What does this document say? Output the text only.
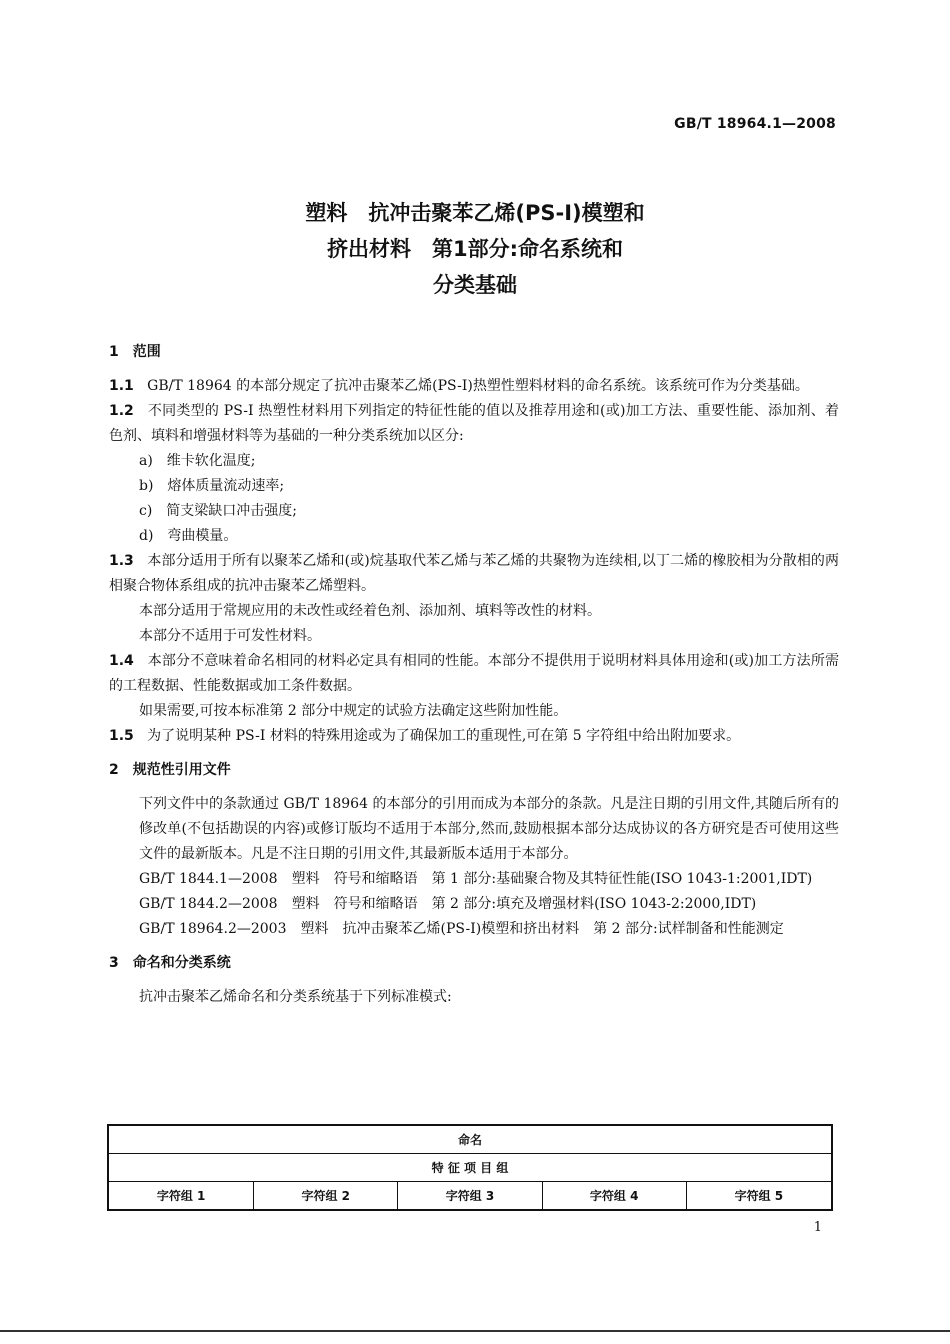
GB/T 18964.1—2008
塑料　抗冲击聚苯乙烯(PS-I)模塑和
挤出材料　第1部分:命名系统和
分类基础
1　范围
1.1 GB/T 18964 的本部分规定了抗冲击聚苯乙烯(PS-I)热塑性塑料材料的命名系统。该系统可作为分类基础。
1.2 不同类型的 PS-I 热塑性材料用下列指定的特征性能的值以及推荐用途和(或)加工方法、重要性能、添加剂、着色剂、填料和增强材料等为基础的一种分类系统加以区分:
a)　维卡软化温度;
b)　熔体质量流动速率;
c)　简支梁缺口冲击强度;
d)　弯曲模量。
1.3 本部分适用于所有以聚苯乙烯和(或)烷基取代苯乙烯与苯乙烯的共聚物为连续相,以丁二烯的橡胶相为分散相的两相聚合物体系组成的抗冲击聚苯乙烯塑料。
本部分适用于常规应用的未改性或经着色剂、添加剂、填料等改性的材料。
本部分不适用于可发性材料。
1.4 本部分不意味着命名相同的材料必定具有相同的性能。本部分不提供用于说明材料具体用途和(或)加工方法所需的工程数据、性能数据或加工条件数据。
如果需要,可按本标准第 2 部分中规定的试验方法确定这些附加性能。
1.5 为了说明某种 PS-I 材料的特殊用途或为了确保加工的重现性,可在第 5 字符组中给出附加要求。
2　规范性引用文件
下列文件中的条款通过 GB/T 18964 的本部分的引用而成为本部分的条款。凡是注日期的引用文件,其随后所有的修改单(不包括勘误的内容)或修订版均不适用于本部分,然而,鼓励根据本部分达成协议的各方研究是否可使用这些文件的最新版本。凡是不注日期的引用文件,其最新版本适用于本部分。
GB/T 1844.1—2008　塑料　符号和缩略语　第 1 部分:基础聚合物及其特征性能(ISO 1043-1:2001,IDT)
GB/T 1844.2—2008　塑料　符号和缩略语　第 2 部分:填充及增强材料(ISO 1043-2:2000,IDT)
GB/T 18964.2—2003　塑料　抗冲击聚苯乙烯(PS-I)模塑和挤出材料　第 2 部分:试样制备和性能测定
3　命名和分类系统
抗冲击聚苯乙烯命名和分类系统基于下列标准模式:
命名
特 征 项 目 组
字符组 1	字符组 2	字符组 3	字符组 4	字符组 5
1
